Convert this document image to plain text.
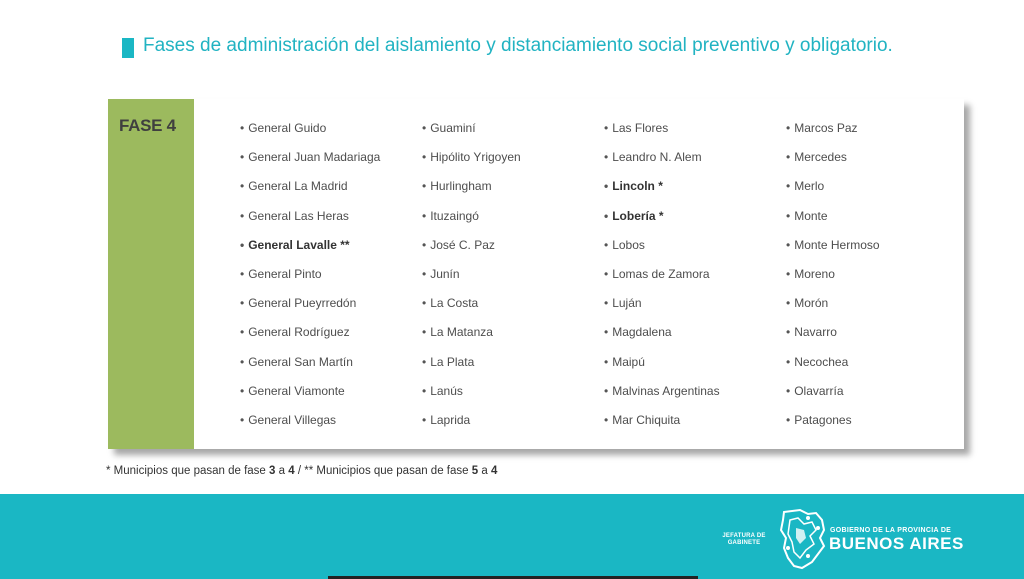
Fases de administración del aislamiento y distanciamiento social preventivo y obligatorio.
FASE 4	• General Guido
• General Juan Madariaga
• General La Madrid
• General Las Heras
• General Lavalle **
• General Pinto
• General Pueyrredón
• General Rodríguez
• General San Martín
• General Viamonte
• General Villegas
• Guaminí
• Hipólito Yrigoyen
• Hurlingham
• Ituzaingó
• José C. Paz
• Junín
• La Costa
• La Matanza
• La Plata
• Lanús
• Laprida
• Las Flores
• Leandro N. Alem
• Lincoln *
• Lobería *
• Lobos
• Lomas de Zamora
• Luján
• Magdalena
• Maipú
• Malvinas Argentinas
• Mar Chiquita
• Marcos Paz
• Mercedes
• Merlo
• Monte
• Monte Hermoso
• Moreno
• Morón
• Navarro
• Necochea
• Olavarría
• Patagones
* Municipios que pasan de fase 3 a 4 / ** Municipios que pasan de fase 5 a 4
JEFATURA DE
GABINETE
GOBIERNO DE LA PROVINCIA DE
BUENOS AIRES
